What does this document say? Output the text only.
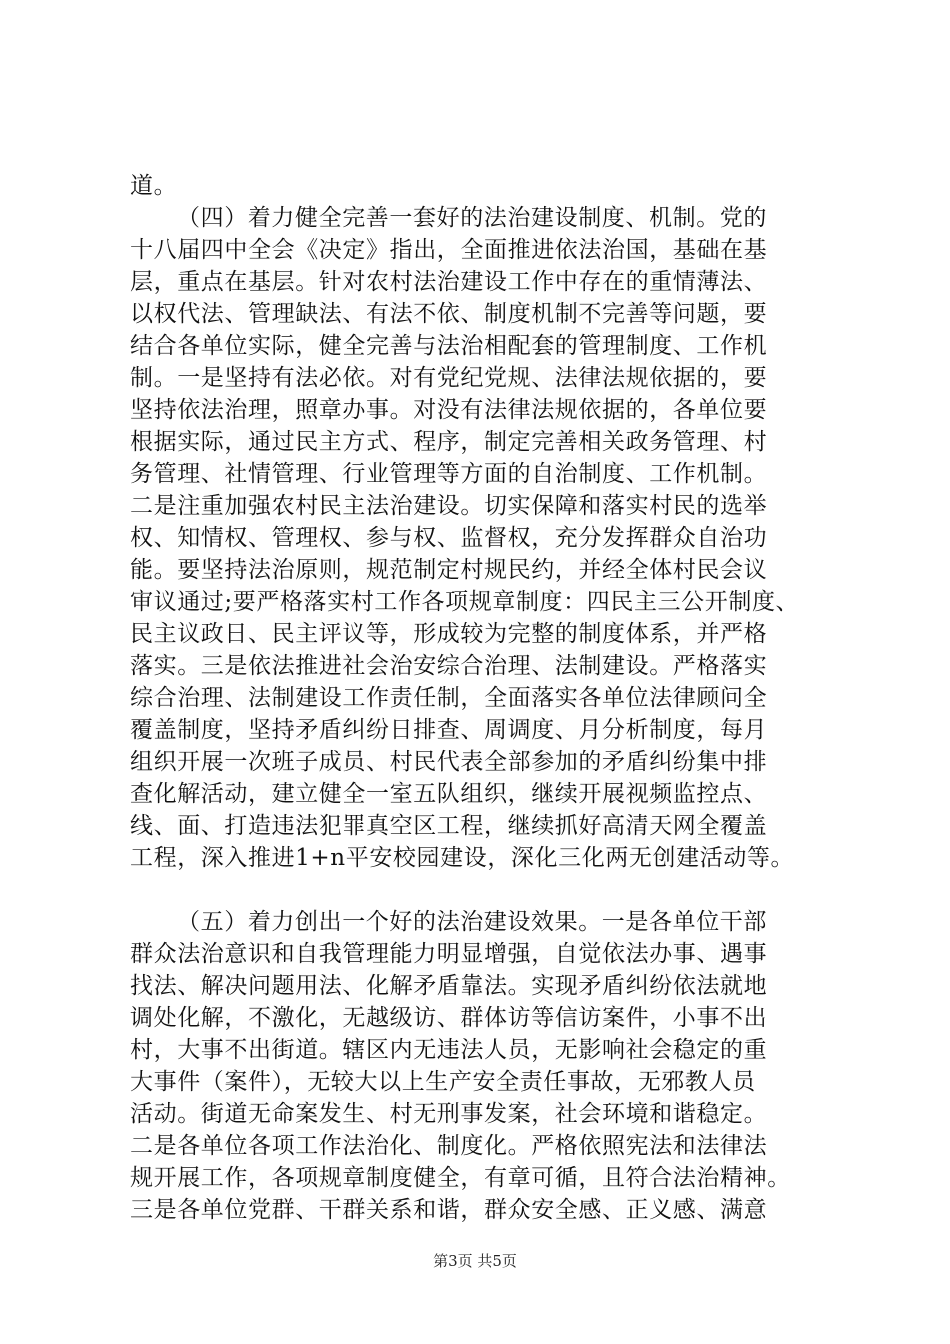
道。
（四）着力健全完善一套好的法治建设制度、机制。党的
十八届四中全会《决定》指出，全面推进依法治国，基础在基
层，重点在基层。针对农村法治建设工作中存在的重情薄法、
以权代法、管理缺法、有法不依、制度机制不完善等问题，要
结合各单位实际，健全完善与法治相配套的管理制度、工作机
制。一是坚持有法必依。对有党纪党规、法律法规依据的，要
坚持依法治理，照章办事。对没有法律法规依据的，各单位要
根据实际，通过民主方式、程序，制定完善相关政务管理、村
务管理、社情管理、行业管理等方面的自治制度、工作机制。
二是注重加强农村民主法治建设。切实保障和落实村民的选举
权、知情权、管理权、参与权、监督权，充分发挥群众自治功
能。要坚持法治原则，规范制定村规民约，并经全体村民会议
审议通过;要严格落实村工作各项规章制度：四民主三公开制度、
民主议政日、民主评议等，形成较为完整的制度体系，并严格
落实。三是依法推进社会治安综合治理、法制建设。严格落实
综合治理、法制建设工作责任制，全面落实各单位法律顾问全
覆盖制度，坚持矛盾纠纷日排查、周调度、月分析制度，每月
组织开展一次班子成员、村民代表全部参加的矛盾纠纷集中排
查化解活动，建立健全一室五队组织，继续开展视频监控点、
线、面、打造违法犯罪真空区工程，继续抓好高清天网全覆盖
工程，深入推进1+n平安校园建设，深化三化两无创建活动等。
（五）着力创出一个好的法治建设效果。一是各单位干部
群众法治意识和自我管理能力明显增强，自觉依法办事、遇事
找法、解决问题用法、化解矛盾靠法。实现矛盾纠纷依法就地
调处化解，不激化，无越级访、群体访等信访案件，小事不出
村，大事不出街道。辖区内无违法人员，无影响社会稳定的重
大事件（案件），无较大以上生产安全责任事故，无邪教人员
活动。街道无命案发生、村无刑事发案，社会环境和谐稳定。
二是各单位各项工作法治化、制度化。严格依照宪法和法律法
规开展工作，各项规章制度健全，有章可循，且符合法治精神。
三是各单位党群、干群关系和谐，群众安全感、正义感、满意
第3页 共5页
